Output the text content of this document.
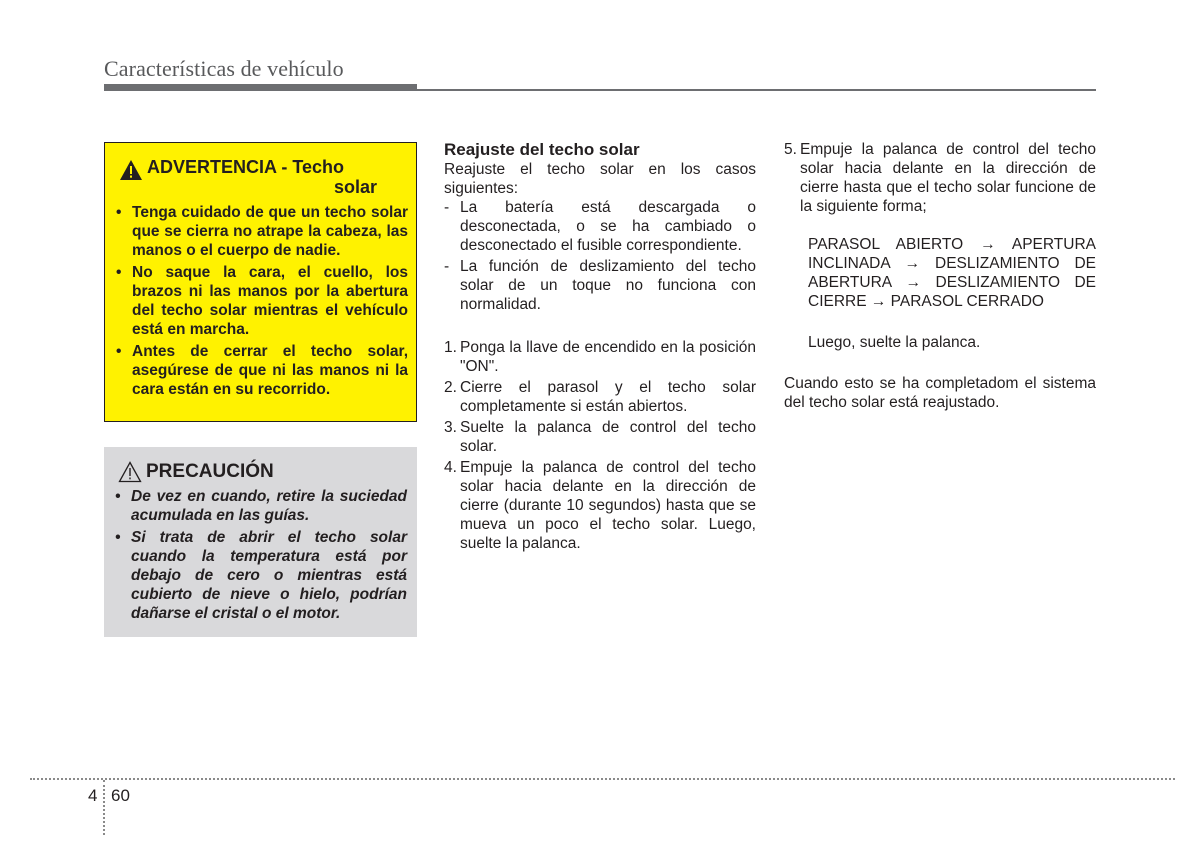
Características de vehículo
ADVERTENCIA - Techo
solar
• Tenga cuidado de que un techo solar que se cierra no atrape la cabeza, las manos o el cuerpo de nadie.
• No saque la cara, el cuello, los brazos ni las manos por la abertura del techo solar mientras el vehículo está en marcha.
• Antes de cerrar el techo solar, asegúrese de que ni las manos ni la cara están en su recorrido.
PRECAUCIÓN
• De vez en cuando, retire la suciedad acumulada en las guías.
• Si trata de abrir el techo solar cuando la temperatura está por debajo de cero o mientras está cubierto de nieve o hielo, podrían dañarse el cristal o el motor.
Reajuste del techo solar

Reajuste el techo solar en los casos siguientes:

- La batería está descargada o desconectada, o se ha cambiado o desconectado el fusible correspondiente.
- La función de deslizamiento del techo solar de un toque no funciona con normalidad.
1. Ponga la llave de encendido en la posición "ON".
2. Cierre el parasol y el techo solar completamente si están abiertos.
3. Suelte la palanca de control del techo solar.
4. Empuje la palanca de control del techo solar hacia delante en la dirección de cierre (durante 10 segundos) hasta que se mueva un poco el techo solar. Luego, suelte la palanca.
5. Empuje la palanca de control del techo solar hacia delante en la dirección de cierre hasta que el techo solar funcione de la siguiente forma;
PARASOL ABIERTO → APERTURA INCLINADA → DESLIZAMIENTO DE ABERTURA → DESLIZAMIENTO DE CIERRE → PARASOL CERRADO
Luego, suelte la palanca.

Cuando esto se ha completadom el sistema del techo solar está reajustado.

4 60
